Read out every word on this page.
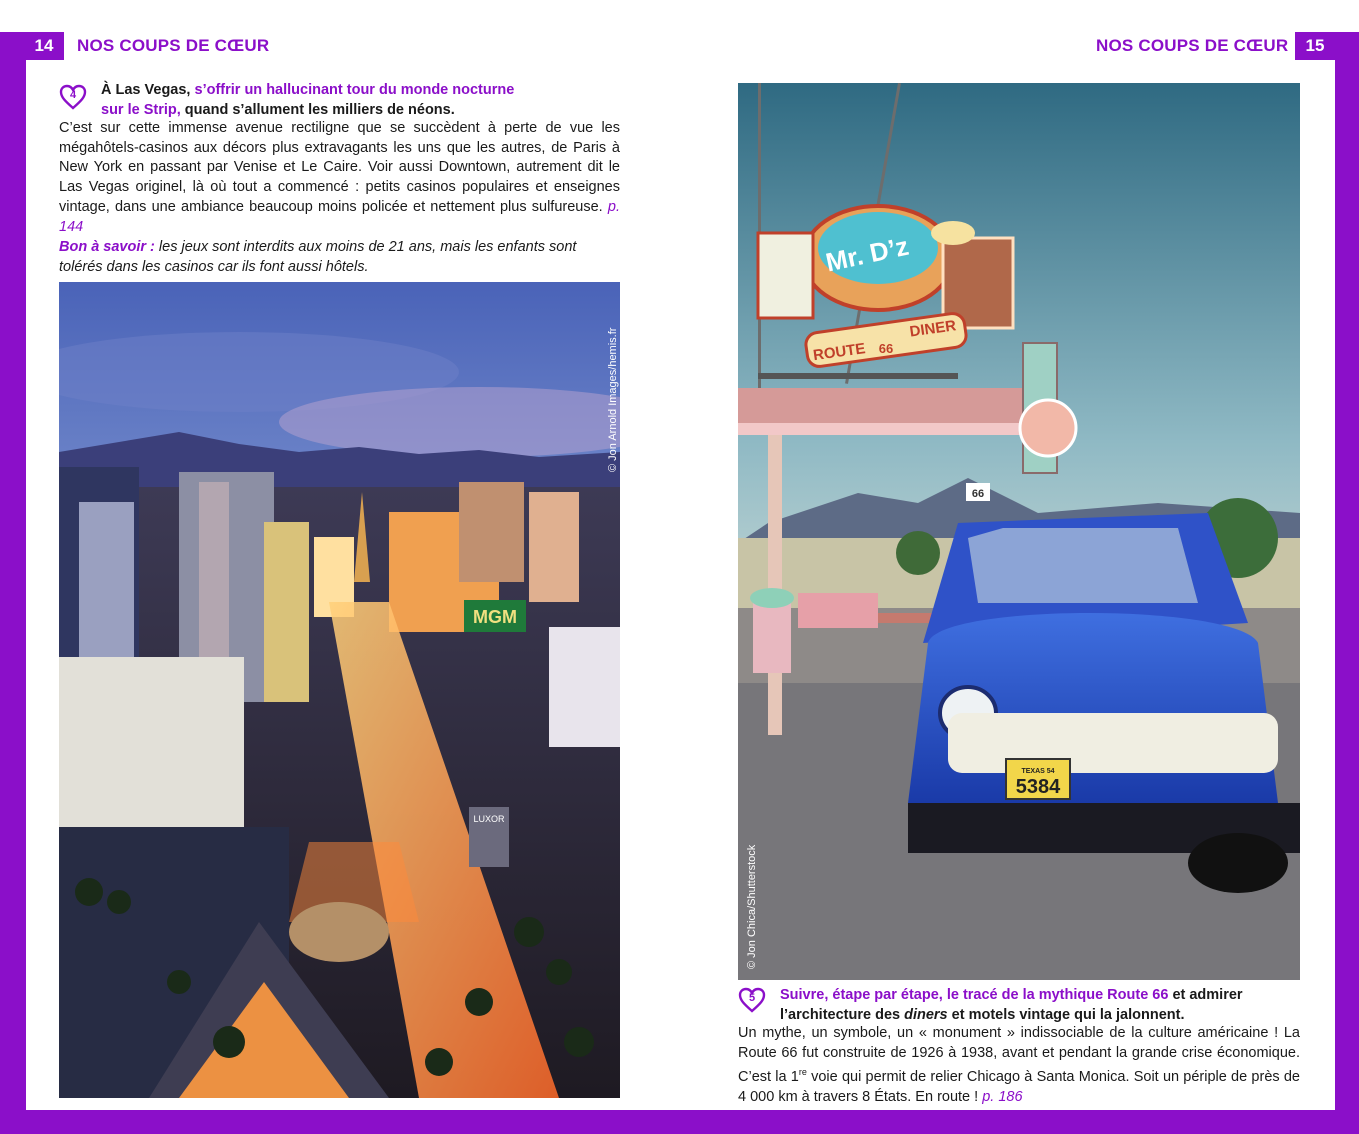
14	NOS COUPS DE CŒUR
4	À Las Vegas, s’offrir un hallucinant tour du monde nocturne
sur le Strip, quand s’allument les milliers de néons.
C’est sur cette immense avenue rectiligne que se succèdent à perte de vue les mégahôtels-casinos aux décors plus extravagants les uns que les autres, de Paris à New York en passant par Venise et Le Caire. Voir aussi Downtown, autrement dit le Las Vegas originel, là où tout a commencé : petits casinos populaires et enseignes vintage, dans une ambiance beaucoup moins policée et nettement plus sulfureuse. p. 144
Bon à savoir : les jeux sont interdits aux moins de 21 ans, mais les enfants sont tolérés dans les casinos car ils font aussi hôtels.
MGM
LUXOR
© Jon Arnold Images/hemis.fr
NOS COUPS DE CŒUR	15
Mr. D’z
ROUTE 66
DINER
66
TEXAS 54
5384
© Jon Chica/Shutterstock
5	Suivre, étape par étape, le tracé de la mythique Route 66 et admirer l’architecture des diners et motels vintage qui la jalonnent.
Un mythe, un symbole, un « monument » indissociable de la culture américaine ! La Route 66 fut construite de 1926 à 1938, avant et pendant la grande crise économique. C’est la 1re voie qui permit de relier Chicago à Santa Monica. Soit un périple de près de 4 000 km à travers 8 États. En route ! p. 186
